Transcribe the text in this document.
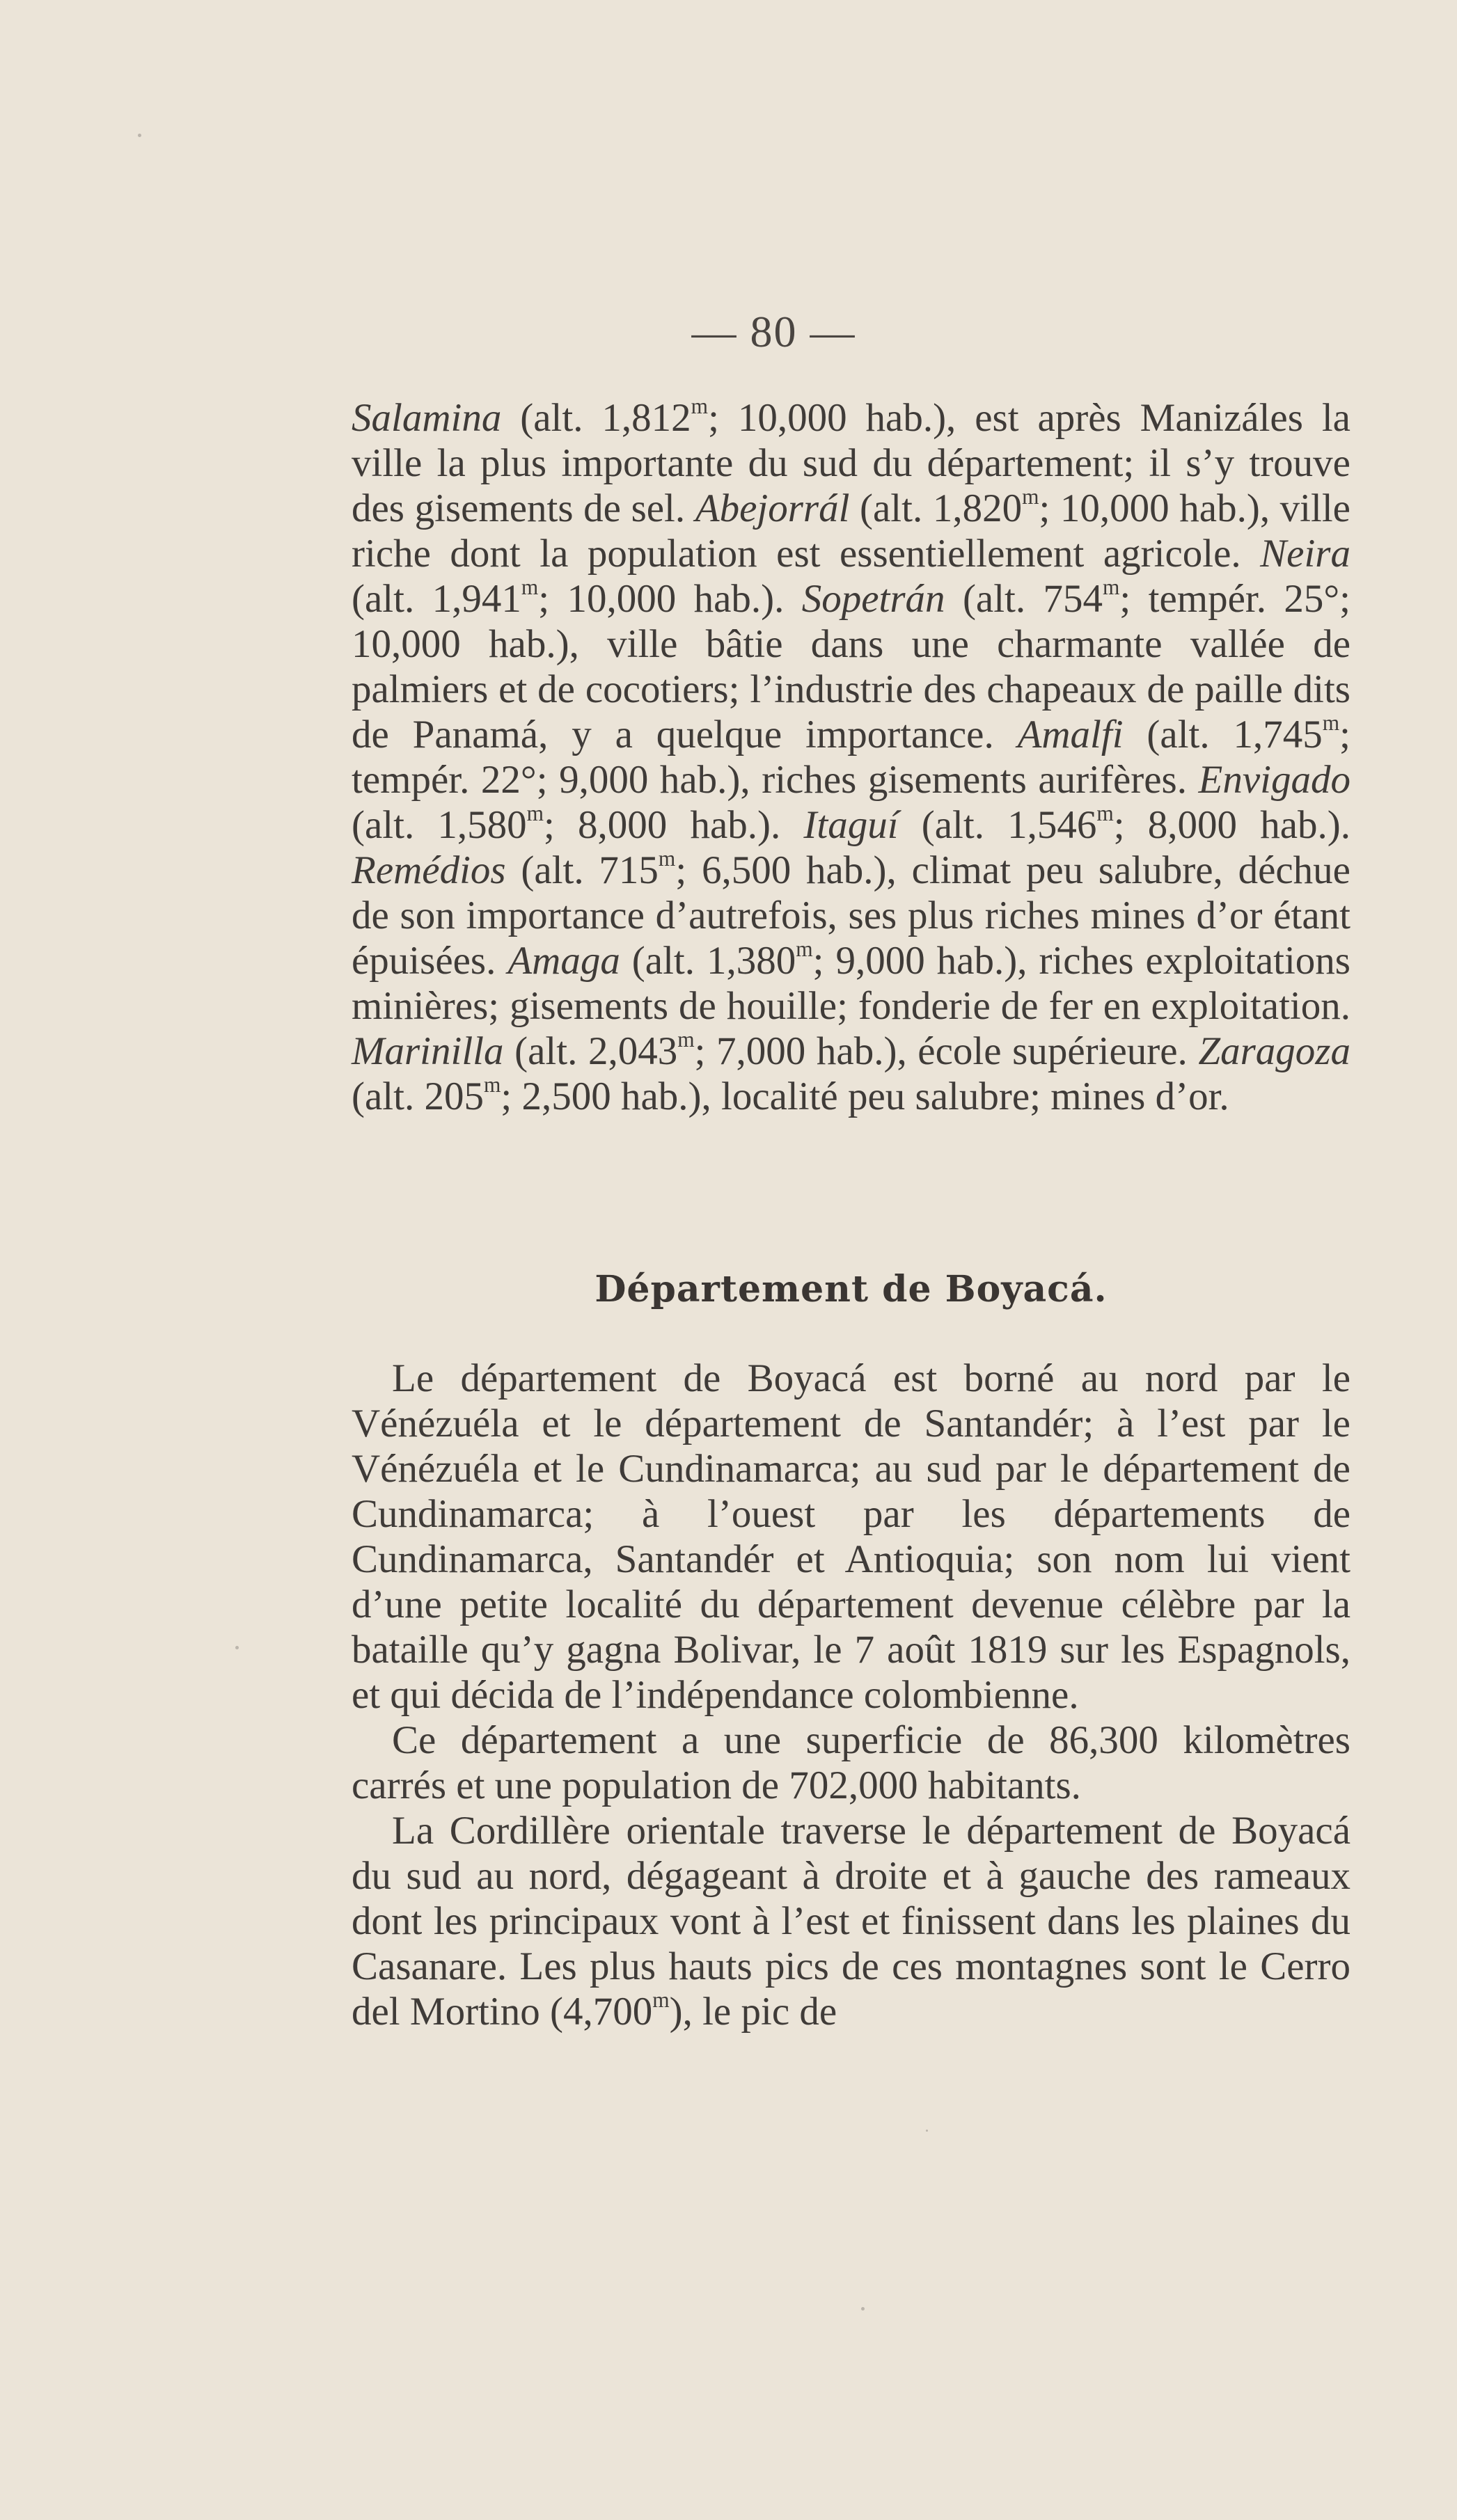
— 80 —

Salamina (alt. 1,812$^m$; 10,000 hab.), est après Manizáles la ville la plus importante du sud du département; il s’y trouve des gisements de sel. Abejorrál (alt. 1,820$^m$; 10,000 hab.), ville riche dont la population est essentiellement agricole. Neira (alt. 1,941$^m$; 10,000 hab.). Sopetrán (alt. 754$^m$; tempér. 25°; 10,000 hab.), ville bâtie dans une charmante vallée de palmiers et de cocotiers; l’industrie des chapeaux de paille dits de Panamá, y a quelque importance. Amalfi (alt. 1,745$^m$; tempér. 22°; 9,000 hab.), riches gisements aurifères. Envigado (alt. 1,580$^m$; 8,000 hab.). Itaguí (alt. 1,546$^m$; 8,000 hab.). Remédios (alt. 715$^m$; 6,500 hab.), climat peu salubre, déchue de son importance d’autrefois, ses plus riches mines d’or étant épuisées. Amaga (alt. 1,380$^m$; 9,000 hab.), riches exploitations minières; gisements de houille; fonderie de fer en exploitation. Marinilla (alt. 2,043$^m$; 7,000 hab.), école supérieure. Zaragoza (alt. 205$^m$; 2,500 hab.), localité peu salubre; mines d’or.

Département de Boyacá.

Le département de Boyacá est borné au nord par le Vénézuéla et le département de Santandér; à l’est par le Vénézuéla et le Cundinamarca; au sud par le département de Cundinamarca; à l’ouest par les départements de Cundinamarca, Santandér et Antioquia; son nom lui vient d’une petite localité du département devenue célèbre par la bataille qu’y gagna Bolivar, le 7 août 1819 sur les Espagnols, et qui décida de l’indépendance colombienne.

Ce département a une superficie de 86,300 kilomètres carrés et une population de 702,000 habitants.

La Cordillère orientale traverse le département de Boyacá du sud au nord, dégageant à droite et à gauche des rameaux dont les principaux vont à l’est et finissent dans les plaines du Casanare. Les plus hauts pics de ces montagnes sont le Cerro del Mortino (4,700$^m$), le pic de
